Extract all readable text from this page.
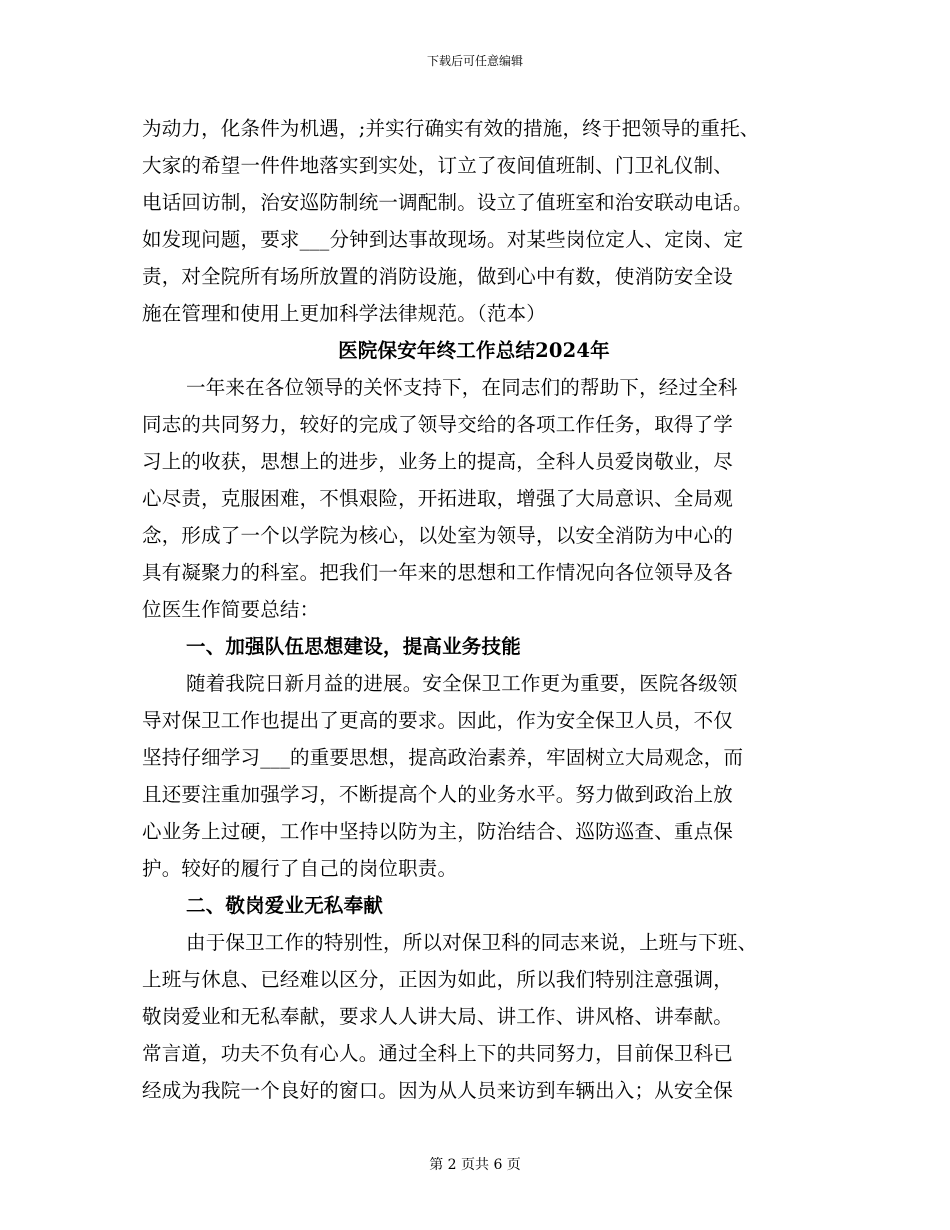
下载后可任意编辑
为动力，化条件为机遇，;并实行确实有效的措施，终于把领导的重托、
大家的希望一件件地落实到实处，订立了夜间值班制、门卫礼仪制、
电话回访制，治安巡防制统一调配制。设立了值班室和治安联动电话。
如发现问题，要求___分钟到达事故现场。对某些岗位定人、定岗、定
责，对全院所有场所放置的消防设施，做到心中有数，使消防安全设
施在管理和使用上更加科学法律规范。（范本）
医院保安年终工作总结2024年
一年来在各位领导的关怀支持下，在同志们的帮助下，经过全科
同志的共同努力，较好的完成了领导交给的各项工作任务，取得了学
习上的收获，思想上的进步，业务上的提高，全科人员爱岗敬业，尽
心尽责，克服困难，不惧艰险，开拓进取，增强了大局意识、全局观
念，形成了一个以学院为核心，以处室为领导，以安全消防为中心的
具有凝聚力的科室。把我们一年来的思想和工作情况向各位领导及各
位医生作简要总结：
一、加强队伍思想建设，提高业务技能
随着我院日新月益的进展。安全保卫工作更为重要，医院各级领
导对保卫工作也提出了更高的要求。因此，作为安全保卫人员，不仅
坚持仔细学习___的重要思想，提高政治素养，牢固树立大局观念，而
且还要注重加强学习，不断提高个人的业务水平。努力做到政治上放
心业务上过硬，工作中坚持以防为主，防治结合、巡防巡查、重点保
护。较好的履行了自己的岗位职责。
二、敬岗爱业无私奉献
由于保卫工作的特别性，所以对保卫科的同志来说，上班与下班、
上班与休息、已经难以区分，正因为如此，所以我们特别注意强调，
敬岗爱业和无私奉献，要求人人讲大局、讲工作、讲风格、讲奉献。
常言道，功夫不负有心人。通过全科上下的共同努力，目前保卫科已
经成为我院一个良好的窗口。因为从人员来访到车辆出入；从安全保
第 2 页共 6 页
